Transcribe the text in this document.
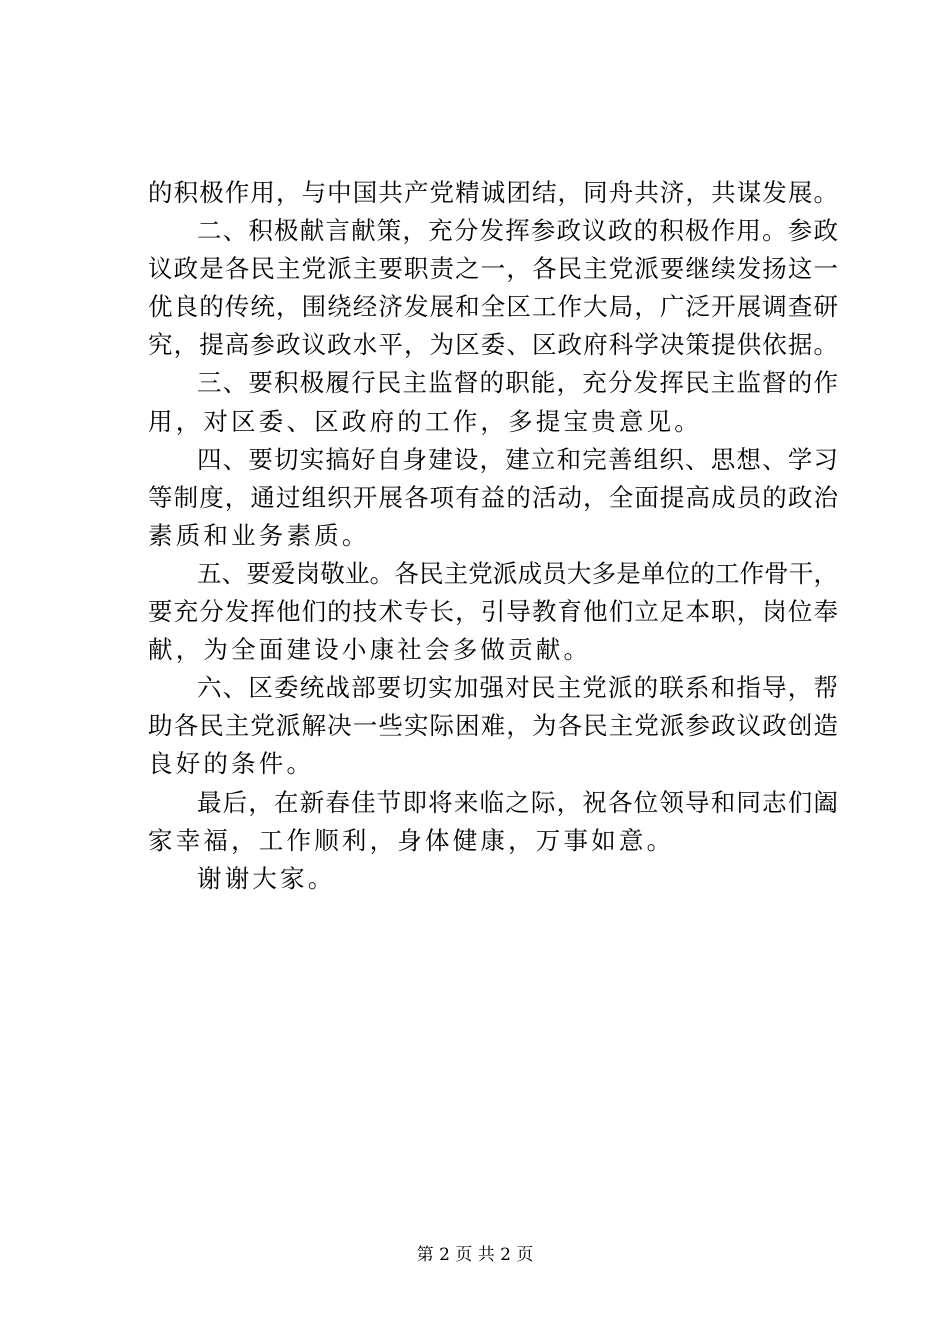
的积极作用，与中国共产党精诚团结，同舟共济，共谋发展。
二、积极献言献策，充分发挥参政议政的积极作用。参政
议政是各民主党派主要职责之一，各民主党派要继续发扬这一
优良的传统，围绕经济发展和全区工作大局，广泛开展调查研
究，提高参政议政水平，为区委、区政府科学决策提供依据。
三、要积极履行民主监督的职能，充分发挥民主监督的作
用，对区委、区政府的工作，多提宝贵意见。
四、要切实搞好自身建设，建立和完善组织、思想、学习
等制度，通过组织开展各项有益的活动，全面提高成员的政治
素质和业务素质。
五、要爱岗敬业。各民主党派成员大多是单位的工作骨干，
要充分发挥他们的技术专长，引导教育他们立足本职，岗位奉
献，为全面建设小康社会多做贡献。
六、区委统战部要切实加强对民主党派的联系和指导，帮
助各民主党派解决一些实际困难，为各民主党派参政议政创造
良好的条件。
最后，在新春佳节即将来临之际，祝各位领导和同志们阖
家幸福，工作顺利，身体健康，万事如意。
谢谢大家。
第 2 页 共 2 页
